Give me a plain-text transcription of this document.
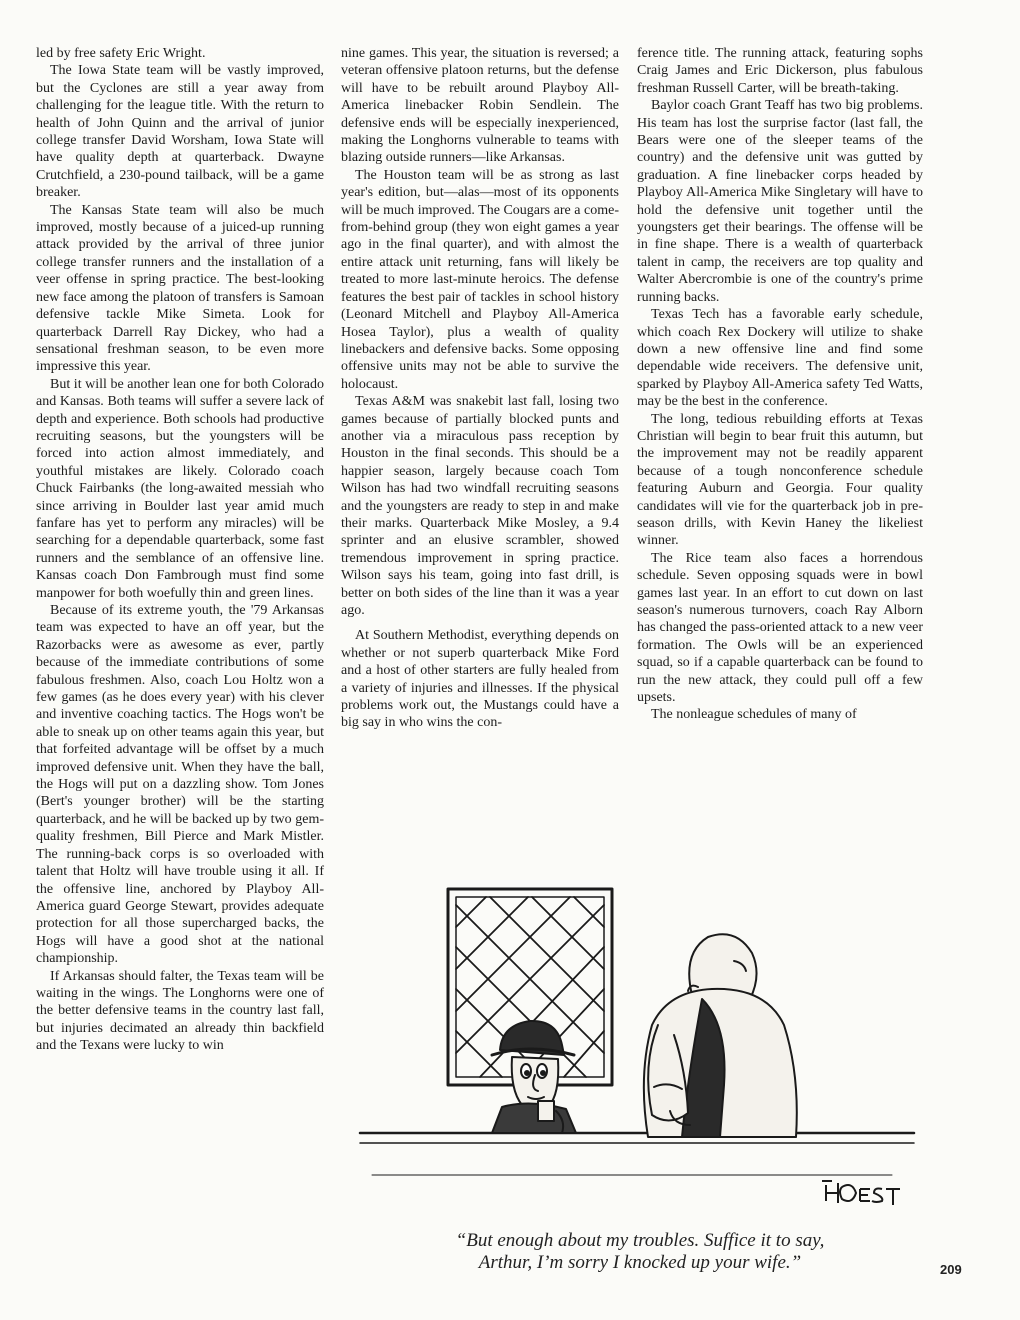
led by free safety Eric Wright.

The Iowa State team will be vastly improved, but the Cyclones are still a year away from challenging for the league title. With the return to health of John Quinn and the arrival of junior college transfer David Worsham, Iowa State will have quality depth at quarterback. Dwayne Crutchfield, a 230-pound tailback, will be a game breaker.

The Kansas State team will also be much improved, mostly because of a juiced-up running attack provided by the arrival of three junior college transfer runners and the installation of a veer offense in spring practice. The best-looking new face among the platoon of transfers is Samoan defensive tackle Mike Simeta. Look for quarterback Darrell Ray Dickey, who had a sensational freshman season, to be even more impressive this year.

But it will be another lean one for both Colorado and Kansas. Both teams will suffer a severe lack of depth and experience. Both schools had productive recruiting seasons, but the youngsters will be forced into action almost immediately, and youthful mistakes are likely. Colorado coach Chuck Fairbanks (the long-awaited messiah who since arriving in Boulder last year amid much fanfare has yet to perform any miracles) will be searching for a dependable quarterback, some fast runners and the semblance of an offensive line. Kansas coach Don Fambrough must find some manpower for both woefully thin and green lines.

Because of its extreme youth, the '79 Arkansas team was expected to have an off year, but the Razorbacks were as awesome as ever, partly because of the immediate contributions of some fabulous freshmen. Also, coach Lou Holtz won a few games (as he does every year) with his clever and inventive coaching tactics. The Hogs won't be able to sneak up on other teams again this year, but that forfeited advantage will be offset by a much improved defensive unit. When they have the ball, the Hogs will put on a dazzling show. Tom Jones (Bert's younger brother) will be the starting quarterback, and he will be backed up by two gem-quality freshmen, Bill Pierce and Mark Mistler. The running-back corps is so overloaded with talent that Holtz will have trouble using it all. If the offensive line, anchored by Playboy All-America guard George Stewart, provides adequate protection for all those supercharged backs, the Hogs will have a good shot at the national championship.

If Arkansas should falter, the Texas team will be waiting in the wings. The Longhorns were one of the better defensive teams in the country last fall, but injuries decimated an already thin backfield and the Texans were lucky to win

nine games. This year, the situation is reversed; a veteran offensive platoon returns, but the defense will have to be rebuilt around Playboy All-America linebacker Robin Sendlein. The defensive ends will be especially inexperienced, making the Longhorns vulnerable to teams with blazing outside runners—like Arkansas.

The Houston team will be as strong as last year's edition, but—alas—most of its opponents will be much improved. The Cougars are a come-from-behind group (they won eight games a year ago in the final quarter), and with almost the entire attack unit returning, fans will likely be treated to more last-minute heroics. The defense features the best pair of tackles in school history (Leonard Mitchell and Playboy All-America Hosea Taylor), plus a wealth of quality linebackers and defensive backs. Some opposing offensive units may not be able to survive the holocaust.

Texas A&M was snakebit last fall, losing two games because of partially blocked punts and another via a miraculous pass reception by Houston in the final seconds. This should be a happier season, largely because coach Tom Wilson has had two windfall recruiting seasons and the youngsters are ready to step in and make their marks. Quarterback Mike Mosley, a 9.4 sprinter and an elusive scrambler, showed tremendous improvement in spring practice. Wilson says his team, going into fast drill, is better on both sides of the line than it was a year ago.

At Southern Methodist, everything depends on whether or not superb quarterback Mike Ford and a host of other starters are fully healed from a variety of injuries and illnesses. If the physical problems work out, the Mustangs could have a big say in who wins the con-

ference title. The running attack, featuring sophs Craig James and Eric Dickerson, plus fabulous freshman Russell Carter, will be breath-taking.

Baylor coach Grant Teaff has two big problems. His team has lost the surprise factor (last fall, the Bears were one of the sleeper teams of the country) and the defensive unit was gutted by graduation. A fine linebacker corps headed by Playboy All-America Mike Singletary will have to hold the defensive unit together until the youngsters get their bearings. The offense will be in fine shape. There is a wealth of quarterback talent in camp, the receivers are top quality and Walter Abercrombie is one of the country's prime running backs.

Texas Tech has a favorable early schedule, which coach Rex Dockery will utilize to shake down a new offensive line and find some dependable wide receivers. The defensive unit, sparked by Playboy All-America safety Ted Watts, may be the best in the conference.

The long, tedious rebuilding efforts at Texas Christian will begin to bear fruit this autumn, but the improvement may not be readily apparent because of a tough nonconference schedule featuring Auburn and Georgia. Four quality candidates will vie for the quarterback job in pre-season drills, with Kevin Haney the likeliest winner.

The Rice team also faces a horrendous schedule. Seven opposing squads were in bowl games last year. In an effort to cut down on last season's numerous turnovers, coach Ray Alborn has changed the pass-oriented attack to a new veer formation. The Owls will be an experienced squad, so if a capable quarterback can be found to run the new attack, they could pull off a few upsets.

The nonleague schedules of many of

“But enough about my troubles. Suffice it to say,
Arthur, I’m sorry I knocked up your wife.”	209
